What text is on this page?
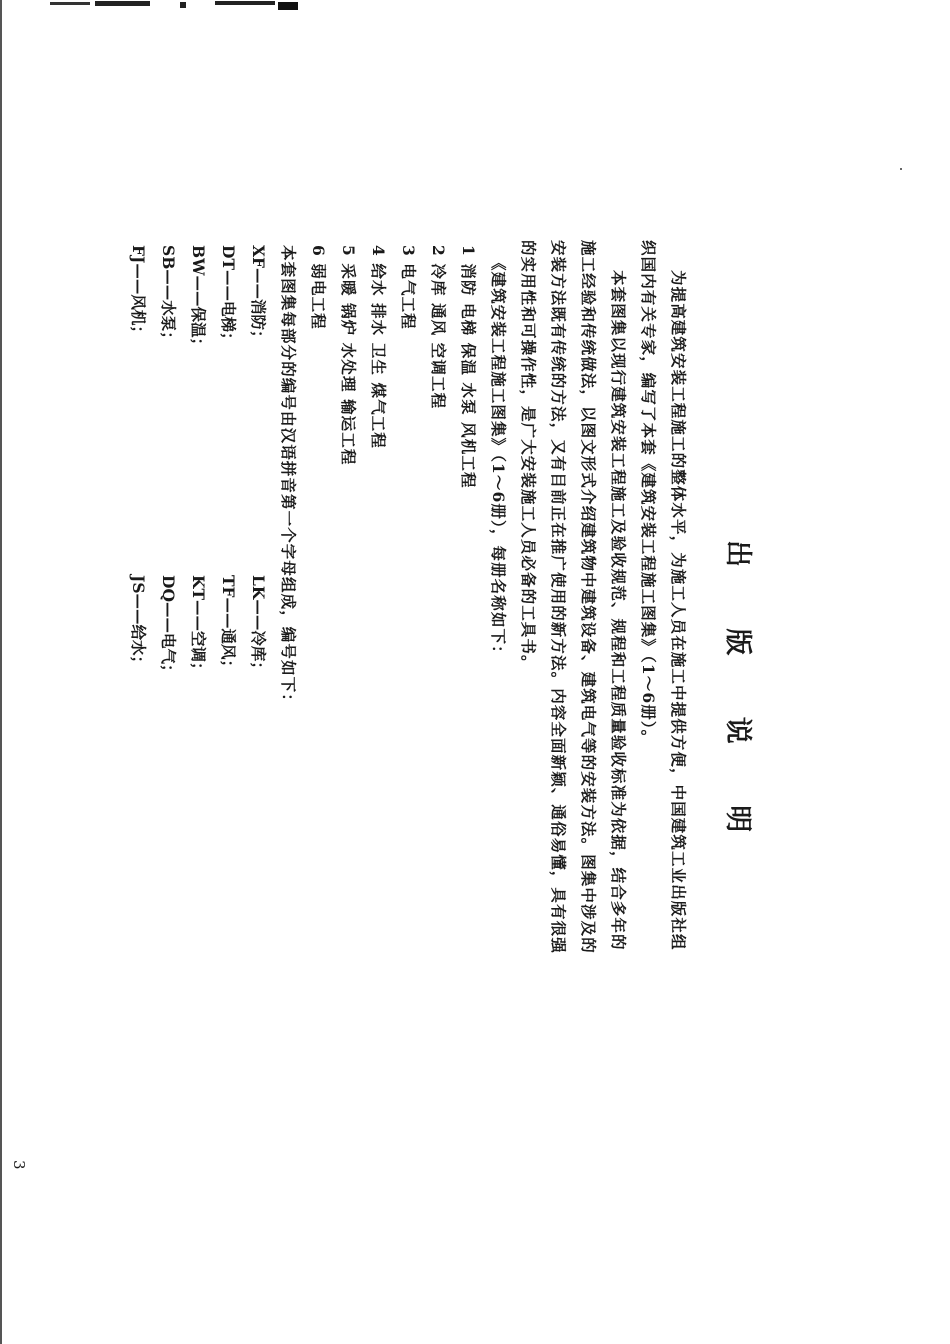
出 版 说 明
为提高建筑安装工程施工的整体水平，为施工人员在施工中提供方便，中国建筑工业出版社组
织国内有关专家，编写了本套《建筑安装工程施工图集》（1～6册）。
本套图集以现行建筑安装工程施工及验收规范、规程和工程质量验收标准为依据，结合多年的
施工经验和传统做法，以图文形式介绍建筑物中建筑设备、建筑电气等的安装方法。图集中涉及的
安装方法既有传统的方法，又有目前正在推广使用的新方法。内容全面新颖、通俗易懂，具有很强
的实用性和可操作性，是广大安装施工人员必备的工具书。
《建筑安装工程施工图集》（1～6册），每册名称如下：
1 消防 电梯 保温 水泵 风机工程
2 冷库 通风 空调工程
3 电气工程
4 给水 排水 卫生 煤气工程
5 采暖 锅炉 水处理 输运工程
6 弱电工程
本套图集每部分的编号由汉语拼音第一个字母组成，编号如下：
XF——消防；
LK——冷库；
DT——电梯；
TF——通风；
BW——保温；
KT——空调；
SB——水泵；
DQ——电气；
FJ——风机；
JS——给水；
3
